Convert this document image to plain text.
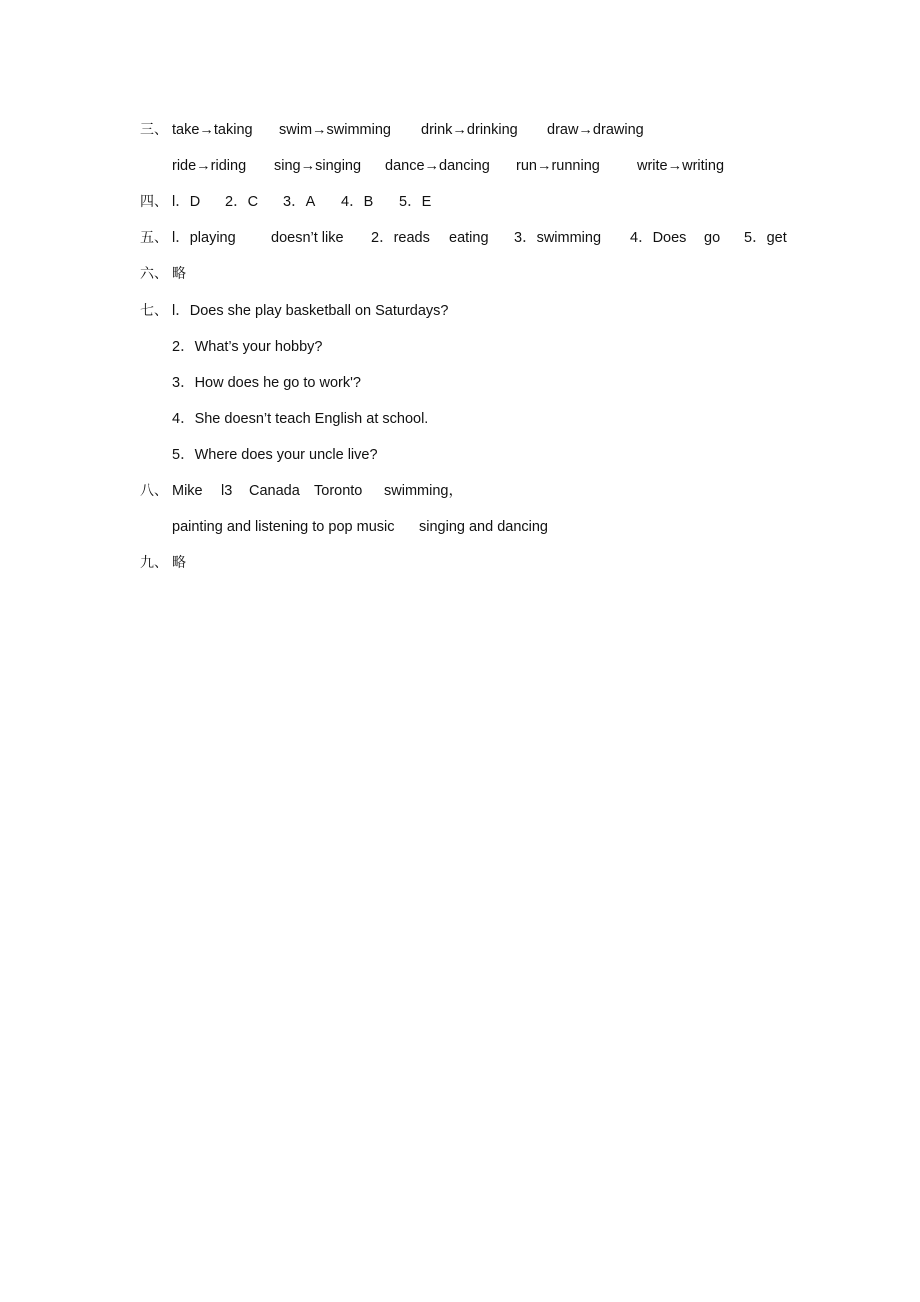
三、 take→taking swim→swimming drink→drinking draw→drawing
ride→riding sing→singing dance→dancing run→running	write→writing
四、 l．D 2．C 3．A 4．B 5．E
五、 l．playing doesn’t like 2．reads eating 3．swimming 4．Does go 5．get
六、 略
七、 l．Does she play basketball on Saturdays?
2．What’s your hobby?
3．How does he go to work'?
4．She doesn’t teach English at school.
5．Where does your uncle live?
八、 Mike l3 Canada Toronto swimming，
painting and listening to pop music singing and dancing
九、 略
